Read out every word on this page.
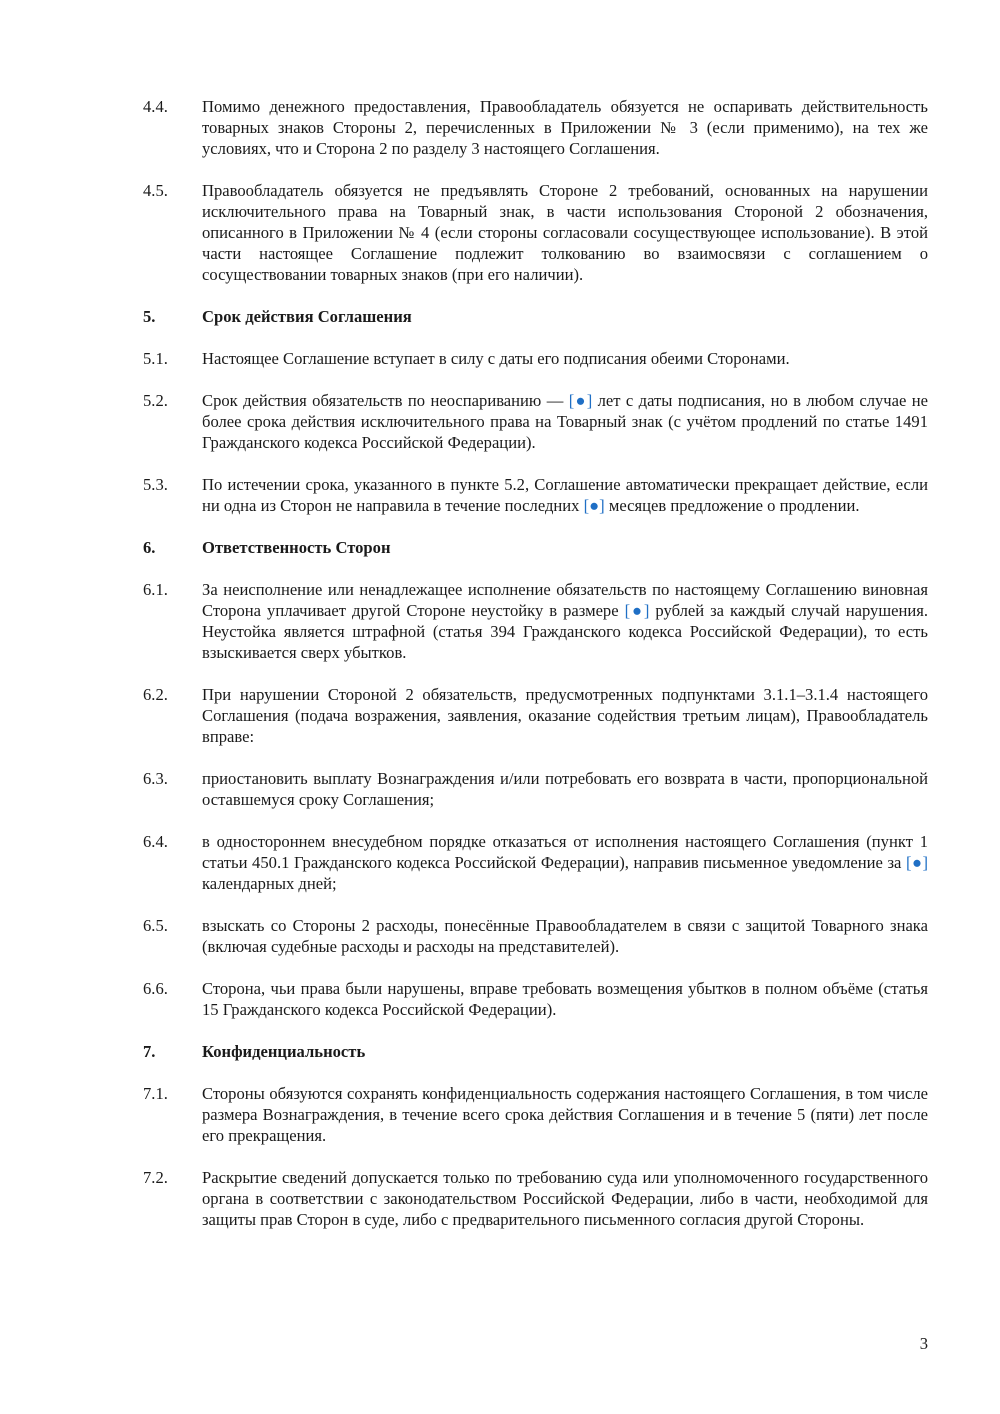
4.4.	Помимо денежного предоставления, Правообладатель обязуется не оспаривать действительность товарных знаков Стороны 2, перечисленных в Приложении № 3 (если применимо), на тех же условиях, что и Сторона 2 по разделу 3 настоящего Соглашения.
4.5.	Правообладатель обязуется не предъявлять Стороне 2 требований, основанных на нарушении исключительного права на Товарный знак, в части использования Стороной 2 обозначения, описанного в Приложении № 4 (если стороны согласовали сосуществующее использование). В этой части настоящее Соглашение подлежит толкованию во взаимосвязи с соглашением о сосуществовании товарных знаков (при его наличии).
5.	Срок действия Соглашения
5.1.	Настоящее Соглашение вступает в силу с даты его подписания обеими Сторонами.
5.2.	Срок действия обязательств по неоспариванию — [●] лет с даты подписания, но в любом случае не более срока действия исключительного права на Товарный знак (с учётом продлений по статье 1491 Гражданского кодекса Российской Федерации).
5.3.	По истечении срока, указанного в пункте 5.2, Соглашение автоматически прекращает действие, если ни одна из Сторон не направила в течение последних [●] месяцев предложение о продлении.
6.	Ответственность Сторон
6.1.	За неисполнение или ненадлежащее исполнение обязательств по настоящему Соглашению виновная Сторона уплачивает другой Стороне неустойку в размере [●] рублей за каждый случай нарушения. Неустойка является штрафной (статья 394 Гражданского кодекса Российской Федерации), то есть взыскивается сверх убытков.
6.2.	При нарушении Стороной 2 обязательств, предусмотренных подпунктами 3.1.1–3.1.4 настоящего Соглашения (подача возражения, заявления, оказание содействия третьим лицам), Правообладатель вправе:
6.3.	приостановить выплату Вознаграждения и/или потребовать его возврата в части, пропорциональной оставшемуся сроку Соглашения;
6.4.	в одностороннем внесудебном порядке отказаться от исполнения настоящего Соглашения (пункт 1 статьи 450.1 Гражданского кодекса Российской Федерации), направив письменное уведомление за [●] календарных дней;
6.5.	взыскать со Стороны 2 расходы, понесённые Правообладателем в связи с защитой Товарного знака (включая судебные расходы и расходы на представителей).
6.6.	Сторона, чьи права были нарушены, вправе требовать возмещения убытков в полном объёме (статья 15 Гражданского кодекса Российской Федерации).
7.	Конфиденциальность
7.1.	Стороны обязуются сохранять конфиденциальность содержания настоящего Соглашения, в том числе размера Вознаграждения, в течение всего срока действия Соглашения и в течение 5 (пяти) лет после его прекращения.
7.2.	Раскрытие сведений допускается только по требованию суда или уполномоченного государственного органа в соответствии с законодательством Российской Федерации, либо в части, необходимой для защиты прав Сторон в суде, либо с предварительного письменного согласия другой Стороны.
3
